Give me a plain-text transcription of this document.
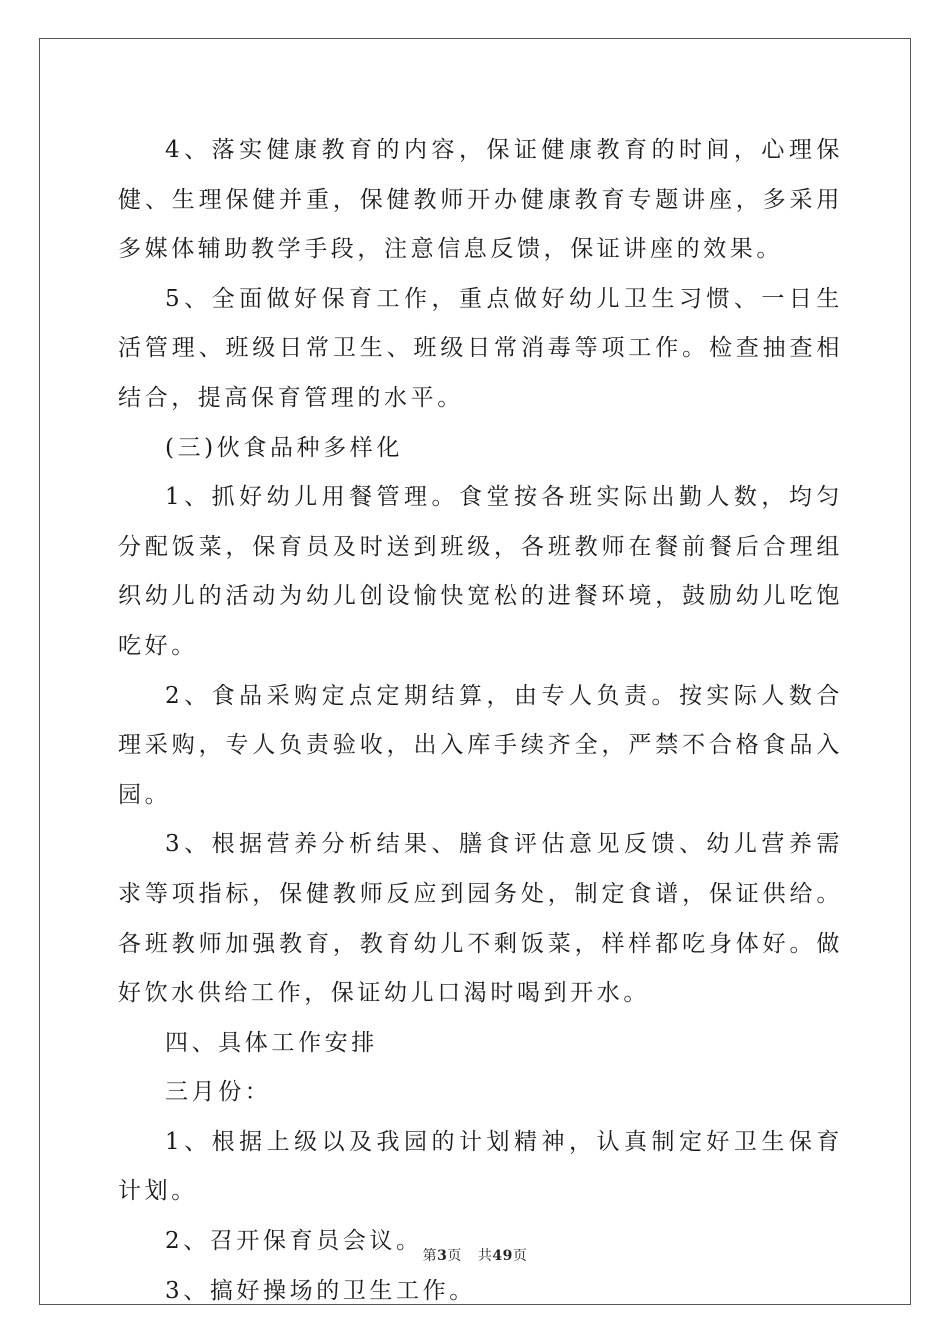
4、落实健康教育的内容，保证健康教育的时间，心理保健、生理保健并重，保健教师开办健康教育专题讲座，多采用多媒体辅助教学手段，注意信息反馈，保证讲座的效果。

5、全面做好保育工作，重点做好幼儿卫生习惯、一日生活管理、班级日常卫生、班级日常消毒等项工作。检查抽查相结合，提高保育管理的水平。

(三)伙食品种多样化

1、抓好幼儿用餐管理。食堂按各班实际出勤人数，均匀分配饭菜，保育员及时送到班级，各班教师在餐前餐后合理组织幼儿的活动为幼儿创设愉快宽松的进餐环境，鼓励幼儿吃饱吃好。

2、食品采购定点定期结算，由专人负责。按实际人数合理采购，专人负责验收，出入库手续齐全，严禁不合格食品入园。

3、根据营养分析结果、膳食评估意见反馈、幼儿营养需求等项指标，保健教师反应到园务处，制定食谱，保证供给。各班教师加强教育，教育幼儿不剩饭菜，样样都吃身体好。做好饮水供给工作，保证幼儿口渴时喝到开水。

四、具体工作安排

三月份：

1、根据上级以及我园的计划精神，认真制定好卫生保育计划。

2、召开保育员会议。

3、搞好操场的卫生工作。

第3页 共49页
